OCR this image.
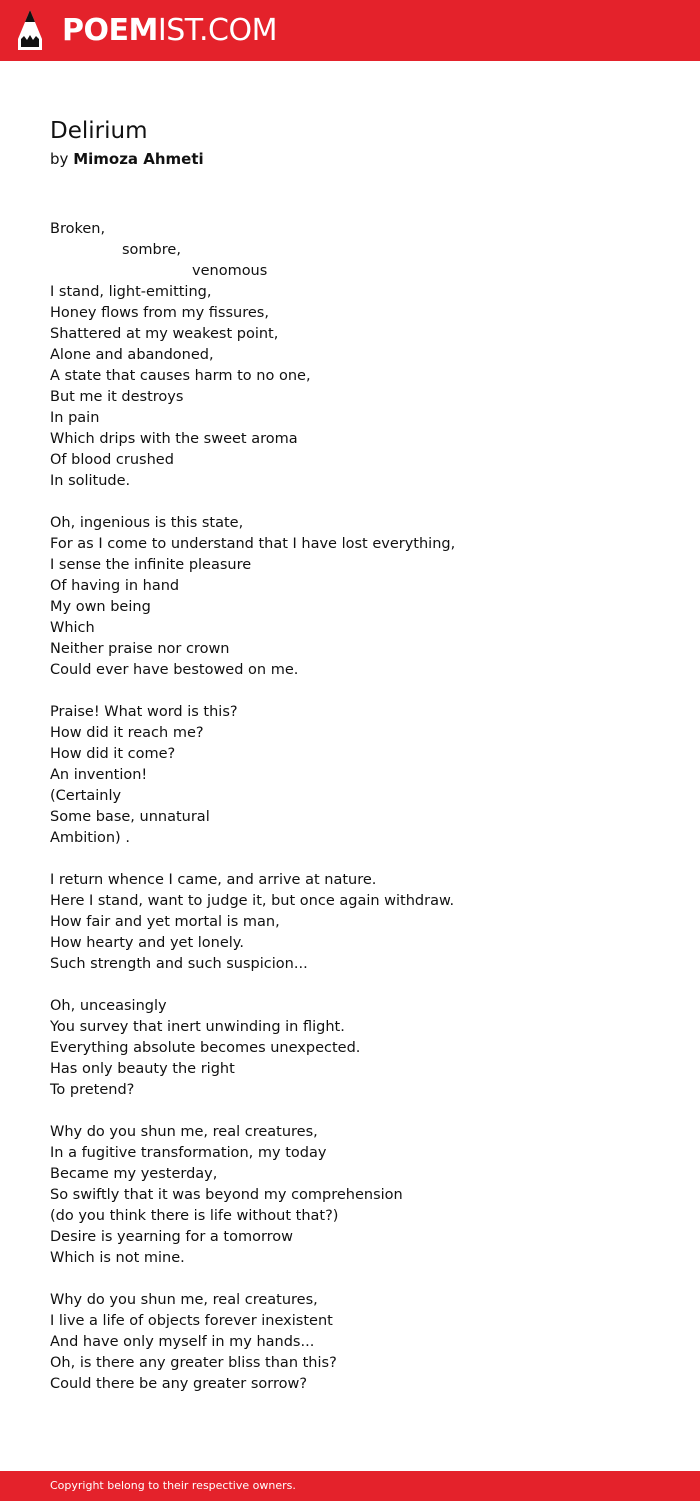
POEMIST.COM
Delirium
by Mimoza Ahmeti
Broken,
sombre,
venomous
I stand, light-emitting,
Honey flows from my fissures,
Shattered at my weakest point,
Alone and abandoned,
A state that causes harm to no one,
But me it destroys
In pain
Which drips with the sweet aroma
Of blood crushed
In solitude.
Oh, ingenious is this state,
For as I come to understand that I have lost everything,
I sense the infinite pleasure
Of having in hand
My own being
Which
Neither praise nor crown
Could ever have bestowed on me.
Praise! What word is this?
How did it reach me?
How did it come?
An invention!
(Certainly
Some base, unnatural
Ambition) .
I return whence I came, and arrive at nature.
Here I stand, want to judge it, but once again withdraw.
How fair and yet mortal is man,
How hearty and yet lonely.
Such strength and such suspicion...
Oh, unceasingly
You survey that inert unwinding in flight.
Everything absolute becomes unexpected.
Has only beauty the right
To pretend?
Why do you shun me, real creatures,
In a fugitive transformation, my today
Became my yesterday,
So swiftly that it was beyond my comprehension
(do you think there is life without that?)
Desire is yearning for a tomorrow
Which is not mine.
Why do you shun me, real creatures,
I live a life of objects forever inexistent
And have only myself in my hands...
Oh, is there any greater bliss than this?
Could there be any greater sorrow?
Copyright belong to their respective owners.
